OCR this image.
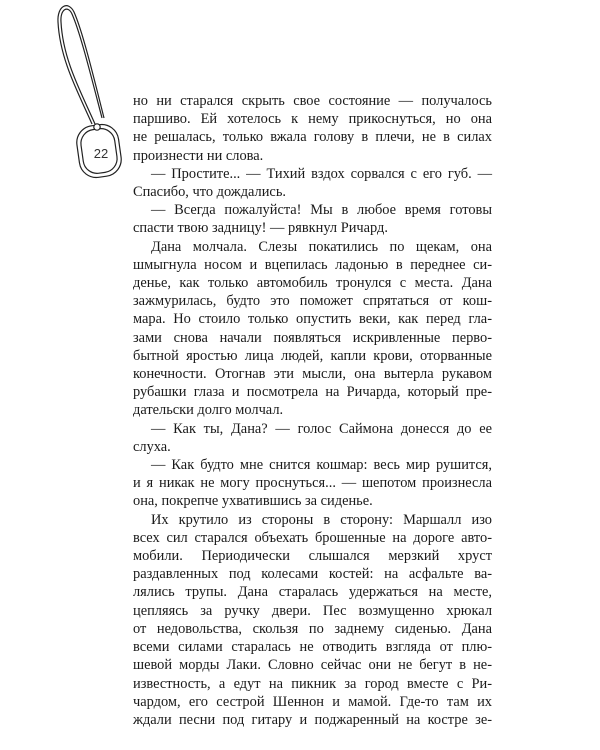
22
но ни старался скрыть свое состояние — получалось
паршиво. Ей хотелось к нему прикоснуться, но она
не решалась, только вжала голову в плечи, не в силах
произнести ни слова.
— Простите... — Тихий вздох сорвался с его губ. —
Спасибо, что дождались.
— Всегда пожалуйста! Мы в любое время готовы
спасти твою задницу! — рявкнул Ричард.
Дана молчала. Слезы покатились по щекам, она
шмыгнула носом и вцепилась ладонью в переднее си-
денье, как только автомобиль тронулся с места. Дана
зажмурилась, будто это поможет спрятаться от кош-
мара. Но стоило только опустить веки, как перед гла-
зами снова начали появляться искривленные перво-
бытной яростью лица людей, капли крови, оторванные
конечности. Отогнав эти мысли, она вытерла рукавом
рубашки глаза и посмотрела на Ричарда, который пре-
дательски долго молчал.
— Как ты, Дана? — голос Саймона донесся до ее
слуха.
— Как будто мне снится кошмар: весь мир рушится,
и я никак не могу проснуться... — шепотом произнесла
она, покрепче ухватившись за сиденье.
Их крутило из стороны в сторону: Маршалл изо
всех сил старался объехать брошенные на дороге авто-
мобили. Периодически слышался мерзкий хруст
раздавленных под колесами костей: на асфальте ва-
лялись трупы. Дана старалась удержаться на месте,
цепляясь за ручку двери. Пес возмущенно хрюкал
от недовольства, скользя по заднему сиденью. Дана
всеми силами старалась не отводить взгляда от плю-
шевой морды Лаки. Словно сейчас они не бегут в не-
известность, а едут на пикник за город вместе с Ри-
чардом, его сестрой Шеннон и мамой. Где-то там их
ждали песни под гитару и поджаренный на костре зе-
